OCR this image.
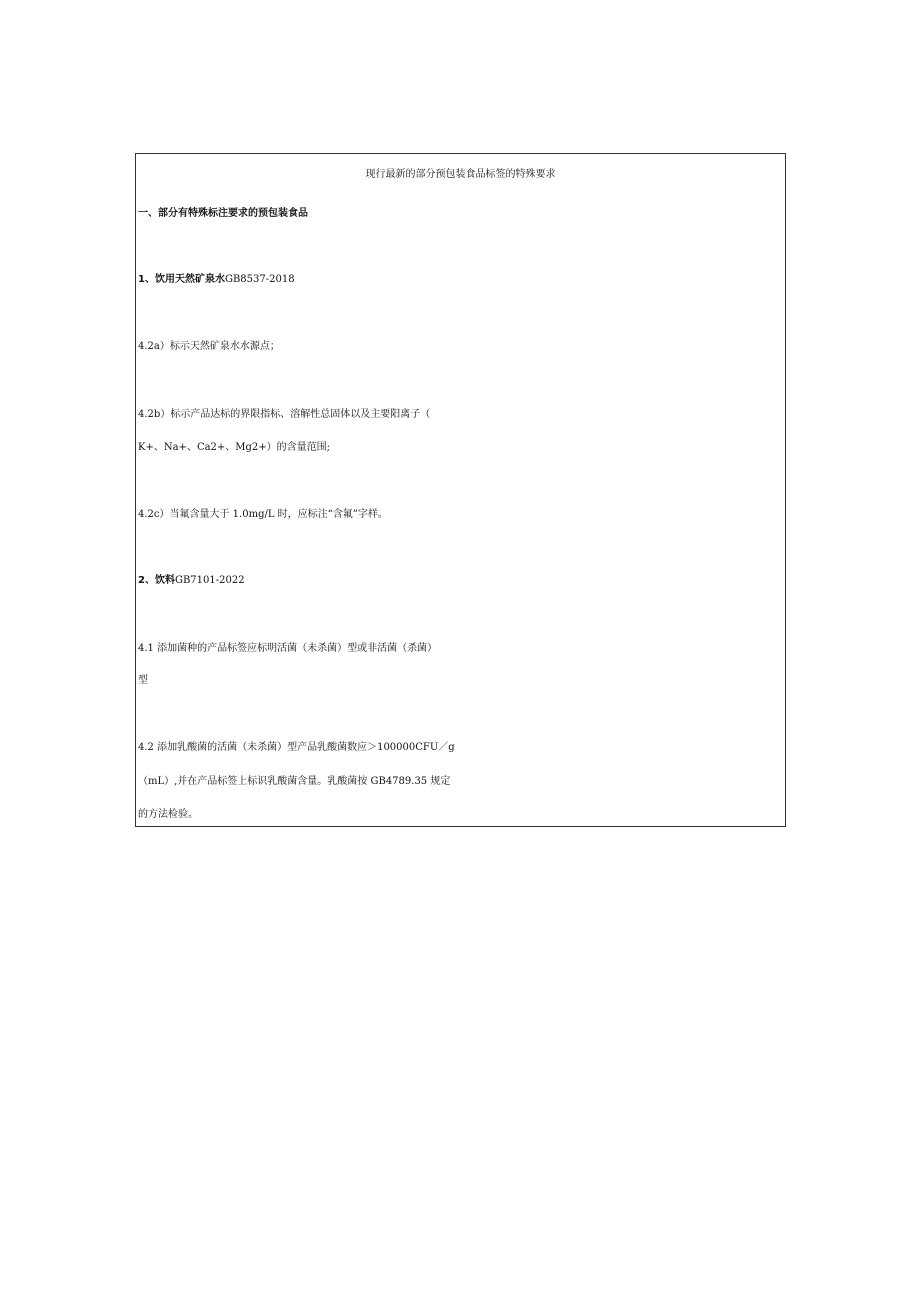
现行最新的部分预包装食品标签的特殊要求
一、部分有特殊标注要求的预包装食品
1、饮用天然矿泉水GB8537-2018
4.2a）标示天然矿泉水水源点；
4.2b）标示产品达标的界限指标、溶解性总固体以及主要阳离子（
K+、Na+、Ca2+、Mg2+）的含量范围;
4.2c）当氟含量大于 1.0mg/L 时，应标注“含氟”字样。
2、饮料GB7101-2022
4.1 添加菌种的产品标签应标明活菌（未杀菌）型或非活菌（杀菌）
型
4.2 添加乳酸菌的活菌（未杀菌）型产品乳酸菌数应＞100000CFU／g
（mL）,并在产品标签上标识乳酸菌含量。乳酸菌按 GB4789.35 规定
的方法检验。
